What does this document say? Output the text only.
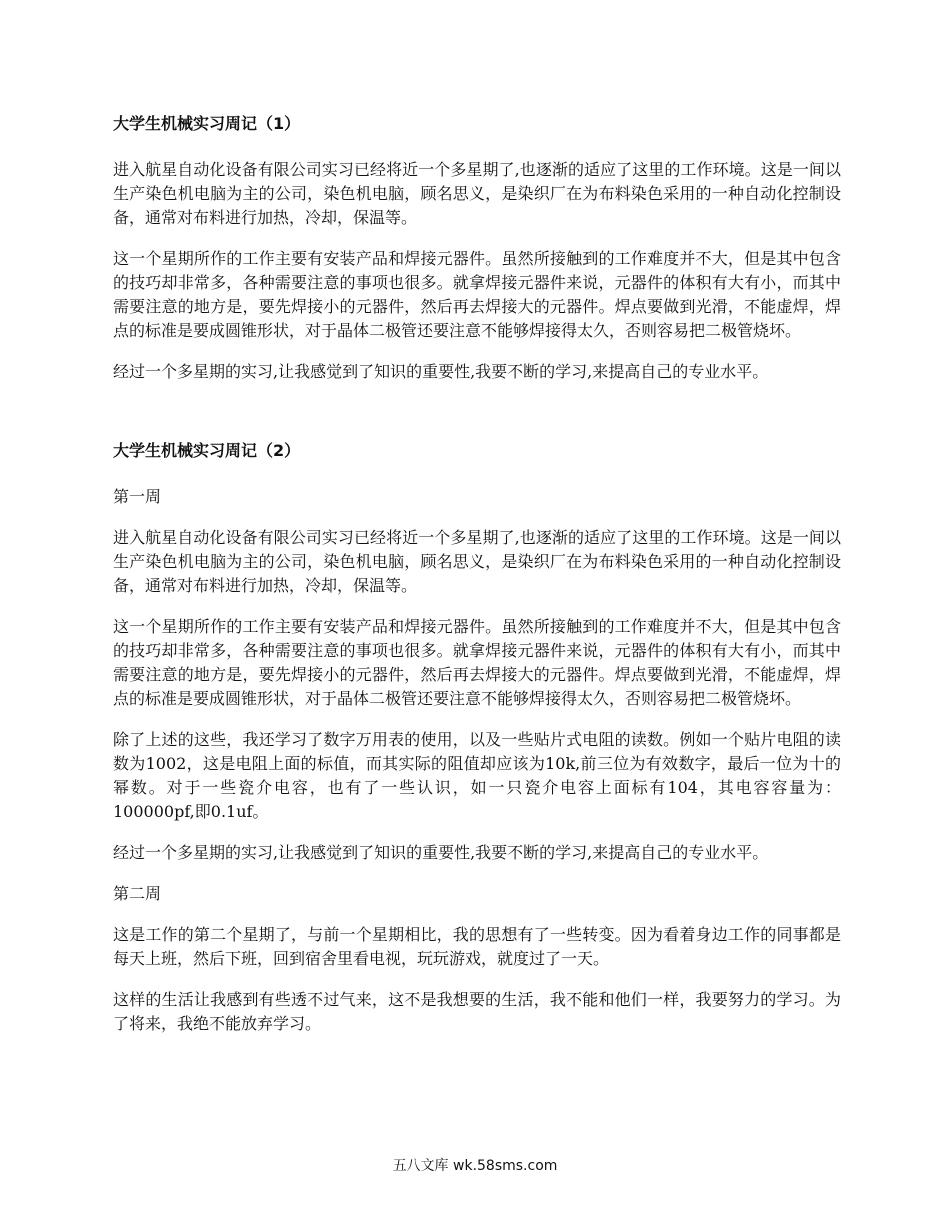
大学生机械实习周记（1）

进入航星自动化设备有限公司实习已经将近一个多星期了,也逐渐的适应了这里的工作环境。这是一间以生产染色机电脑为主的公司，染色机电脑，顾名思义，是染织厂在为布料染色采用的一种自动化控制设备，通常对布料进行加热，冷却，保温等。

这一个星期所作的工作主要有安装产品和焊接元器件。虽然所接触到的工作难度并不大，但是其中包含的技巧却非常多，各种需要注意的事项也很多。就拿焊接元器件来说，元器件的体积有大有小，而其中需要注意的地方是，要先焊接小的元器件，然后再去焊接大的元器件。焊点要做到光滑，不能虚焊，焊点的标准是要成圆锥形状，对于晶体二极管还要注意不能够焊接得太久，否则容易把二极管烧坏。

经过一个多星期的实习,让我感觉到了知识的重要性,我要不断的学习,来提高自己的专业水平。

大学生机械实习周记（2）

第一周

进入航星自动化设备有限公司实习已经将近一个多星期了,也逐渐的适应了这里的工作环境。这是一间以生产染色机电脑为主的公司，染色机电脑，顾名思义，是染织厂在为布料染色采用的一种自动化控制设备，通常对布料进行加热，冷却，保温等。

这一个星期所作的工作主要有安装产品和焊接元器件。虽然所接触到的工作难度并不大，但是其中包含的技巧却非常多，各种需要注意的事项也很多。就拿焊接元器件来说，元器件的体积有大有小，而其中需要注意的地方是，要先焊接小的元器件，然后再去焊接大的元器件。焊点要做到光滑，不能虚焊，焊点的标准是要成圆锥形状，对于晶体二极管还要注意不能够焊接得太久，否则容易把二极管烧坏。

除了上述的这些，我还学习了数字万用表的使用，以及一些贴片式电阻的读数。例如一个贴片电阻的读数为1002，这是电阻上面的标值，而其实际的阻值却应该为10k,前三位为有效数字，最后一位为十的幂数。对于一些瓷介电容，也有了一些认识，如一只瓷介电容上面标有104，其电容容量为：100000pf,即0.1uf。

经过一个多星期的实习,让我感觉到了知识的重要性,我要不断的学习,来提高自己的专业水平。

第二周

这是工作的第二个星期了，与前一个星期相比，我的思想有了一些转变。因为看着身边工作的同事都是每天上班，然后下班，回到宿舍里看电视，玩玩游戏，就度过了一天。

这样的生活让我感到有些透不过气来，这不是我想要的生活，我不能和他们一样，我要努力的学习。为了将来，我绝不能放弃学习。

五八文库 wk.58sms.com
